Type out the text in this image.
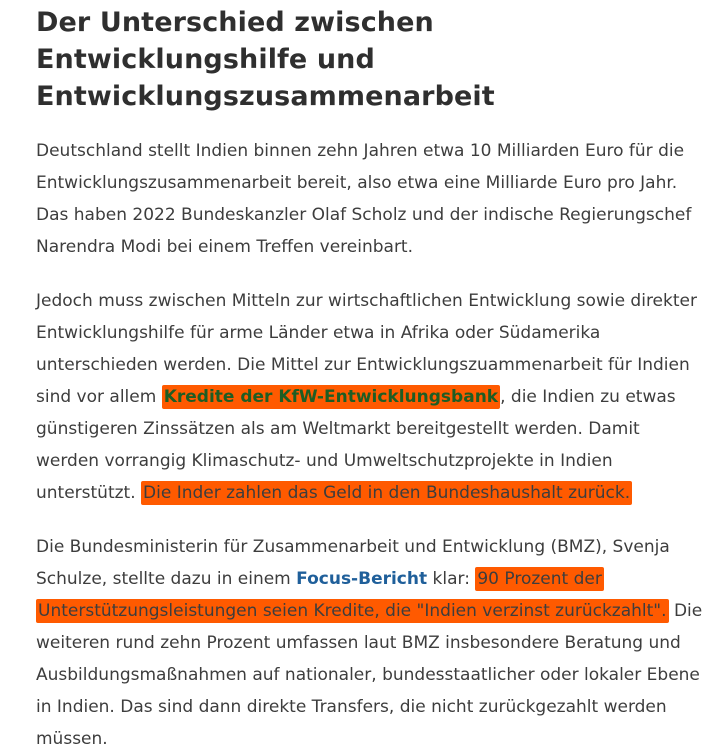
Der Unterschied zwischen Entwicklungshilfe und Entwicklungszusammenarbeit

Deutschland stellt Indien binnen zehn Jahren etwa 10 Milliarden Euro für die Entwicklungszusammenarbeit bereit, also etwa eine Milliarde Euro pro Jahr. Das haben 2022 Bundeskanzler Olaf Scholz und der indische Regierungschef Narendra Modi bei einem Treffen vereinbart.

Jedoch muss zwischen Mitteln zur wirtschaftlichen Entwicklung sowie direkter Entwicklungshilfe für arme Länder etwa in Afrika oder Südamerika unterschieden werden. Die Mittel zur Entwicklungszuammenarbeit für Indien sind vor allem Kredite der KfW-Entwicklungsbank , die Indien zu etwas günstigeren Zinssätzen als am Weltmarkt bereitgestellt werden. Damit werden vorrangig Klimaschutz- und Umweltschutzprojekte in Indien unterstützt. Die Inder zahlen das Geld in den Bundeshaushalt zurück.

Die Bundesministerin für Zusammenarbeit und Entwicklung (BMZ), Svenja Schulze, stellte dazu in einem Focus-Bericht klar: 90 Prozent der Unterstützungsleistungen seien Kredite, die "Indien verzinst zurückzahlt". Die weiteren rund zehn Prozent umfassen laut BMZ insbesondere Beratung und Ausbildungsmaßnahmen auf nationaler, bundesstaatlicher oder lokaler Ebene in Indien. Das sind dann direkte Transfers, die nicht zurückgezahlt werden müssen.
